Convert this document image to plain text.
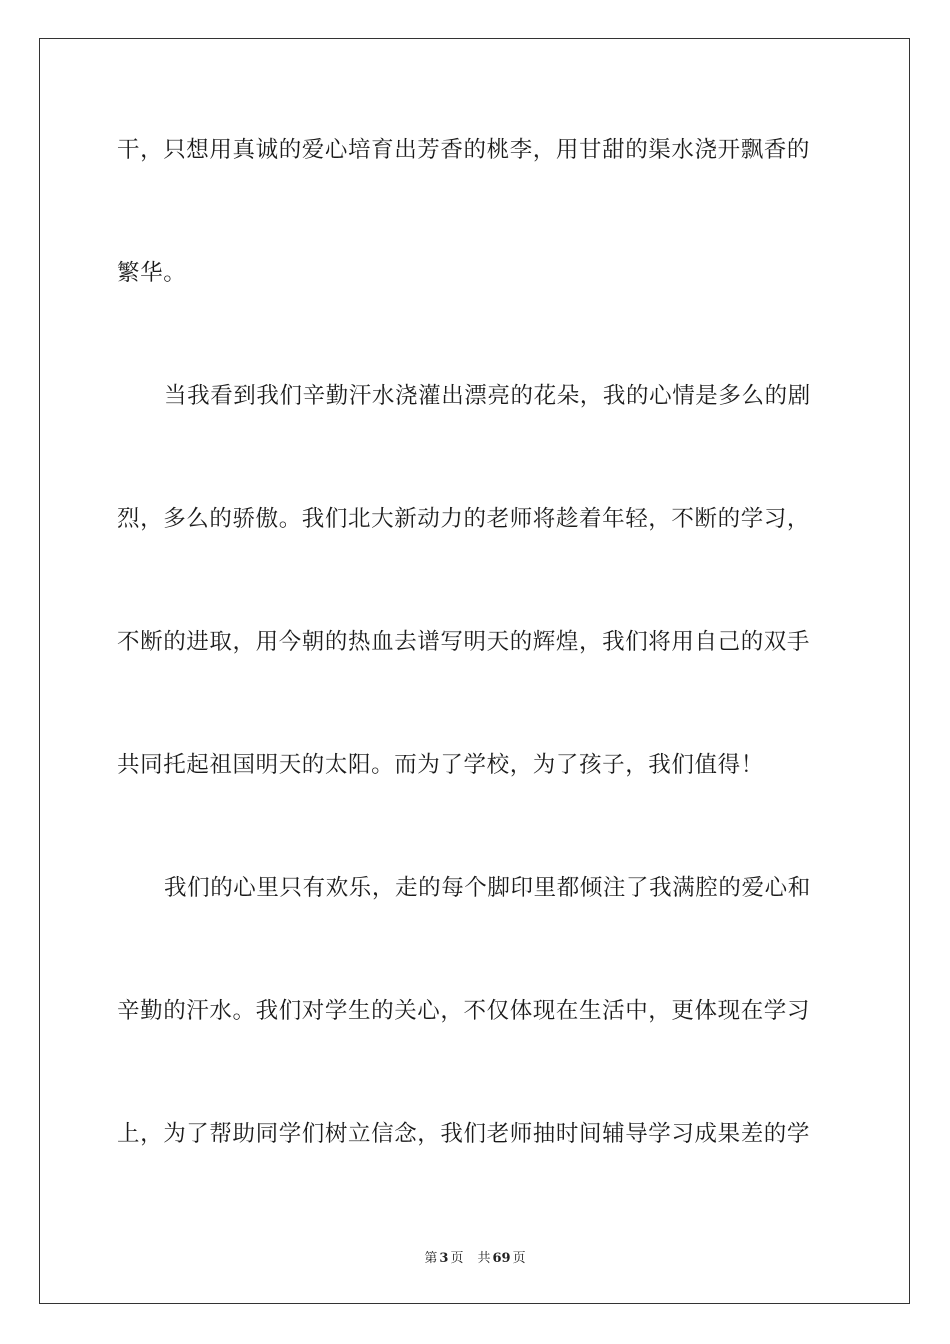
干，只想用真诚的爱心培育出芳香的桃李，用甘甜的渠水浇开飘香的
繁华。
当我看到我们辛勤汗水浇灌出漂亮的花朵，我的心情是多么的剧
烈，多么的骄傲。我们北大新动力的老师将趁着年轻，不断的学习，
不断的进取，用今朝的热血去谱写明天的辉煌，我们将用自己的双手
共同托起祖国明天的太阳。而为了学校，为了孩子，我们值得！
我们的心里只有欢乐，走的每个脚印里都倾注了我满腔的爱心和
辛勤的汗水。我们对学生的关心，不仅体现在生活中，更体现在学习
上，为了帮助同学们树立信念，我们老师抽时间辅导学习成果差的学
第 3 页 共 69 页
